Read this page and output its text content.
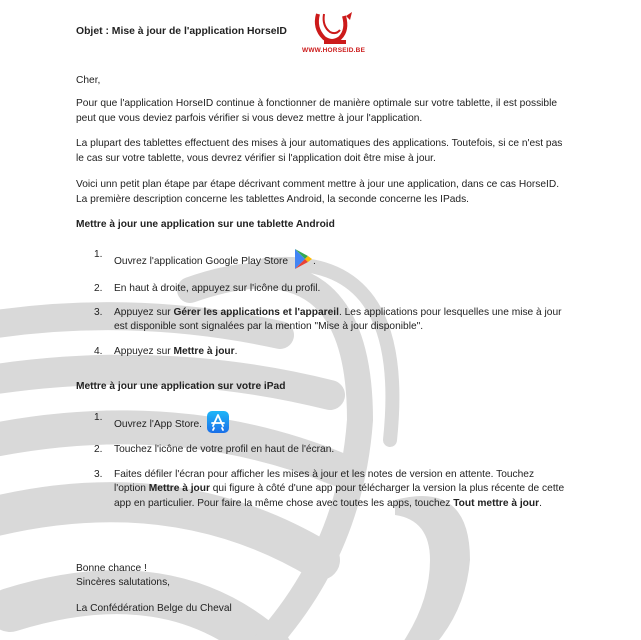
Objet : Mise à jour de l'application HorseID
WWW.HORSEID.BE
Cher,
Pour que l'application HorseID continue à fonctionner de manière optimale sur votre tablette, il est possible peut que vous deviez parfois vérifier si vous devez mettre à jour l'application.
La plupart des tablettes effectuent des mises à jour automatiques des applications. Toutefois, si ce n'est pas le cas sur votre tablette, vous devrez vérifier si l'application doit être mise à jour.
Voici unn petit plan étape par étape décrivant comment mettre à jour une application, dans ce cas HorseID. La première description concerne les tablettes Android, la seconde concerne les IPads.
Mettre à jour une application sur une tablette Android
1.
Ouvrez l'application Google Play Store .
2. En haut à droite, appuyez sur l'icône du profil.
3. Appuyez sur Gérer les applications et l'appareil. Les applications pour lesquelles une mise à jour est disponible sont signalées par la mention "Mise à jour disponible".
4. Appuyez sur Mettre à jour.
Mettre à jour une application sur votre iPad
1.
Ouvrez l'App Store.
2. Touchez l'icône de votre profil en haut de l'écran.
3. Faites défiler l'écran pour afficher les mises à jour et les notes de version en attente. Touchez l'option Mettre à jour qui figure à côté d'une app pour télécharger la version la plus récente de cette app en particulier. Pour faire la même chose avec toutes les apps, touchez Tout mettre à jour.
Bonne chance !
Sincères salutations,
La Confédération Belge du Cheval
